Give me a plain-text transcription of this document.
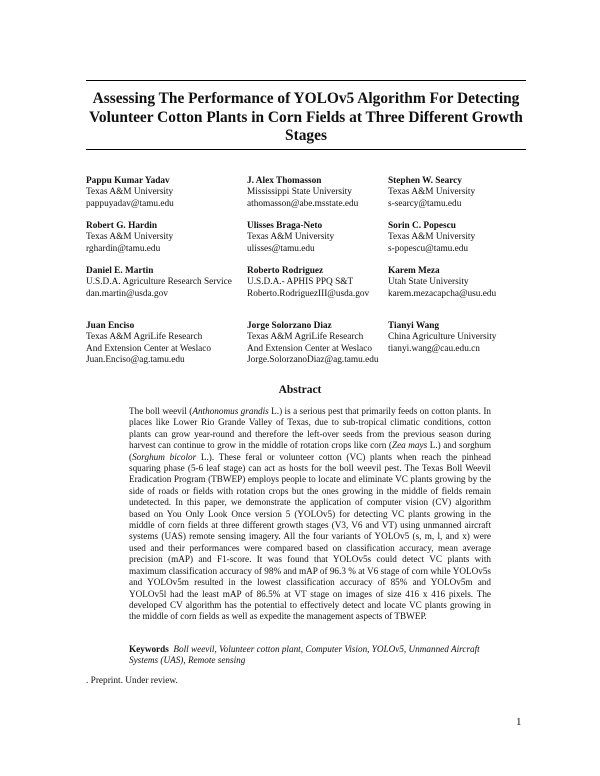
Assessing The Performance of YOLOv5 Algorithm For Detecting Volunteer Cotton Plants in Corn Fields at Three Different Growth Stages
Pappu Kumar Yadav
Texas A&M University
pappuyadav@tamu.edu
J. Alex Thomasson
Mississippi State University
athomasson@abe.msstate.edu
Stephen W. Searcy
Texas A&M University
s-searcy@tamu.edu
Robert G. Hardin
Texas A&M University
rghardin@tamu.edu
Ulisses Braga-Neto
Texas A&M University
ulisses@tamu.edu
Sorin C. Popescu
Texas A&M University
s-popescu@tamu.edu
Daniel E. Martin
U.S.D.A. Agriculture Research Service
dan.martin@usda.gov
Roberto Rodriguez
U.S.D.A.- APHIS PPQ S&T
Roberto.RodriguezIII@usda.gov
Karem Meza
Utah State University
karem.mezacapcha@usu.edu
Juan Enciso
Texas A&M AgriLife Research
And Extension Center at Weslaco
Juan.Enciso@ag.tamu.edu
Jorge Solorzano Diaz
Texas A&M AgriLife Research
And Extension Center at Weslaco
Jorge.SolorzanoDiaz@ag.tamu.edu
Tianyi Wang
China Agriculture University
tianyi.wang@cau.edu.cn
Abstract
The boll weevil (Anthonomus grandis L.) is a serious pest that primarily feeds on cotton plants. In places like Lower Rio Grande Valley of Texas, due to sub-tropical climatic conditions, cotton plants can grow year-round and therefore the left-over seeds from the previous season during harvest can continue to grow in the middle of rotation crops like corn (Zea mays L.) and sorghum (Sorghum bicolor L.). These feral or volunteer cotton (VC) plants when reach the pinhead squaring phase (5-6 leaf stage) can act as hosts for the boll weevil pest. The Texas Boll Weevil Eradication Program (TBWEP) employs people to locate and eliminate VC plants growing by the side of roads or fields with rotation crops but the ones growing in the middle of fields remain undetected. In this paper, we demonstrate the application of computer vision (CV) algorithm based on You Only Look Once version 5 (YOLOv5) for detecting VC plants growing in the middle of corn fields at three different growth stages (V3, V6 and VT) using unmanned aircraft systems (UAS) remote sensing imagery. All the four variants of YOLOv5 (s, m, l, and x) were used and their performances were compared based on classification accuracy, mean average precision (mAP) and F1-score. It was found that YOLOv5s could detect VC plants with maximum classification accuracy of 98% and mAP of 96.3 % at V6 stage of corn while YOLOv5s and YOLOv5m resulted in the lowest classification accuracy of 85% and YOLOv5m and YOLOv5l had the least mAP of 86.5% at VT stage on images of size 416 x 416 pixels. The developed CV algorithm has the potential to effectively detect and locate VC plants growing in the middle of corn fields as well as expedite the management aspects of TBWEP.
Keywords Boll weevil, Volunteer cotton plant, Computer Vision, YOLOv5, Unmanned Aircraft Systems (UAS), Remote sensing
. Preprint. Under review.
1
